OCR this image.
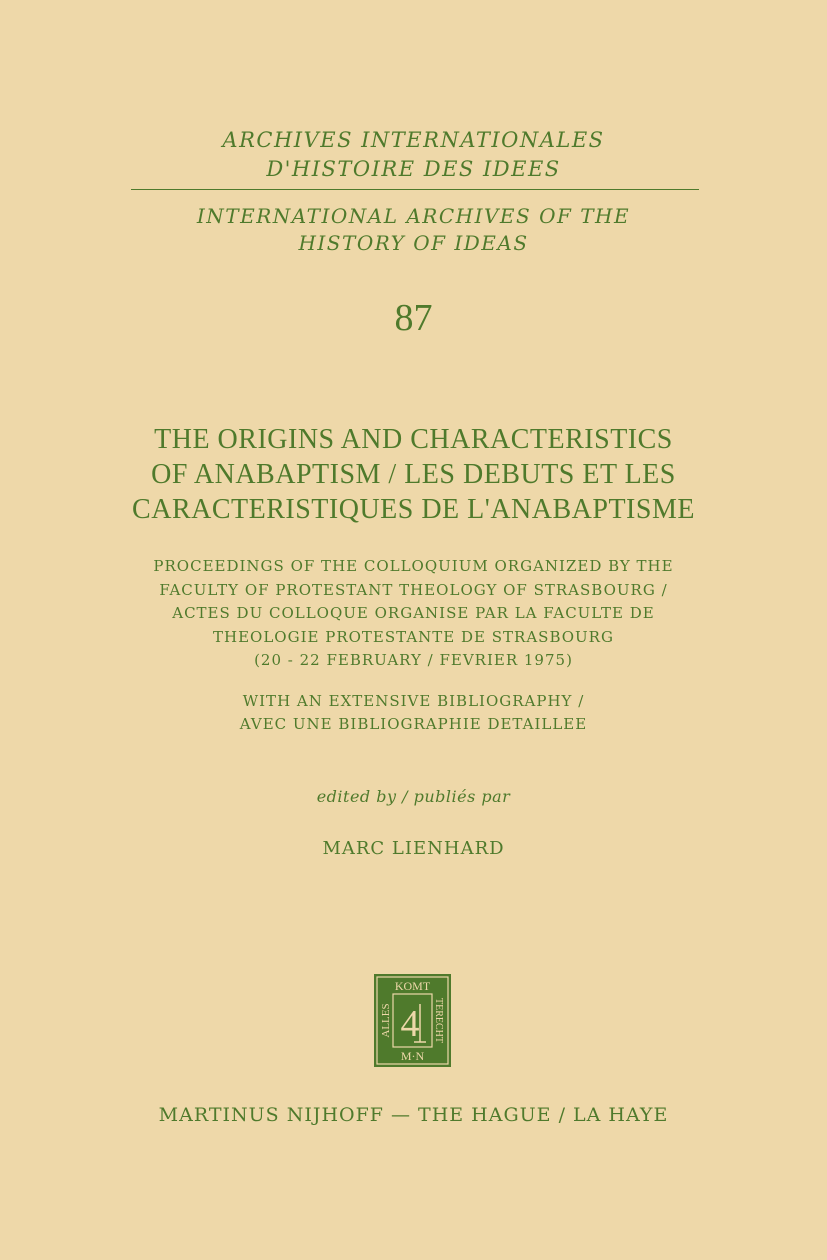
ARCHIVES INTERNATIONALES
D'HISTOIRE DES IDEES
INTERNATIONAL ARCHIVES OF THE
HISTORY OF IDEAS
87
THE ORIGINS AND CHARACTERISTICS
OF ANABAPTISM / LES DEBUTS ET LES
CARACTERISTIQUES DE L'ANABAPTISME
PROCEEDINGS OF THE COLLOQUIUM ORGANIZED BY THE
FACULTY OF PROTESTANT THEOLOGY OF STRASBOURG /
ACTES DU COLLOQUE ORGANISE PAR LA FACULTE DE
THEOLOGIE PROTESTANTE DE STRASBOURG
(20 - 22 FEBRUARY / FEVRIER 1975)
WITH AN EXTENSIVE BIBLIOGRAPHY /
AVEC UNE BIBLIOGRAPHIE DETAILLEE
edited by / publiés par
MARC LIENHARD
KOMT
M·N
ALLES	TERECHT
4
MARTINUS NIJHOFF — THE HAGUE / LA HAYE
